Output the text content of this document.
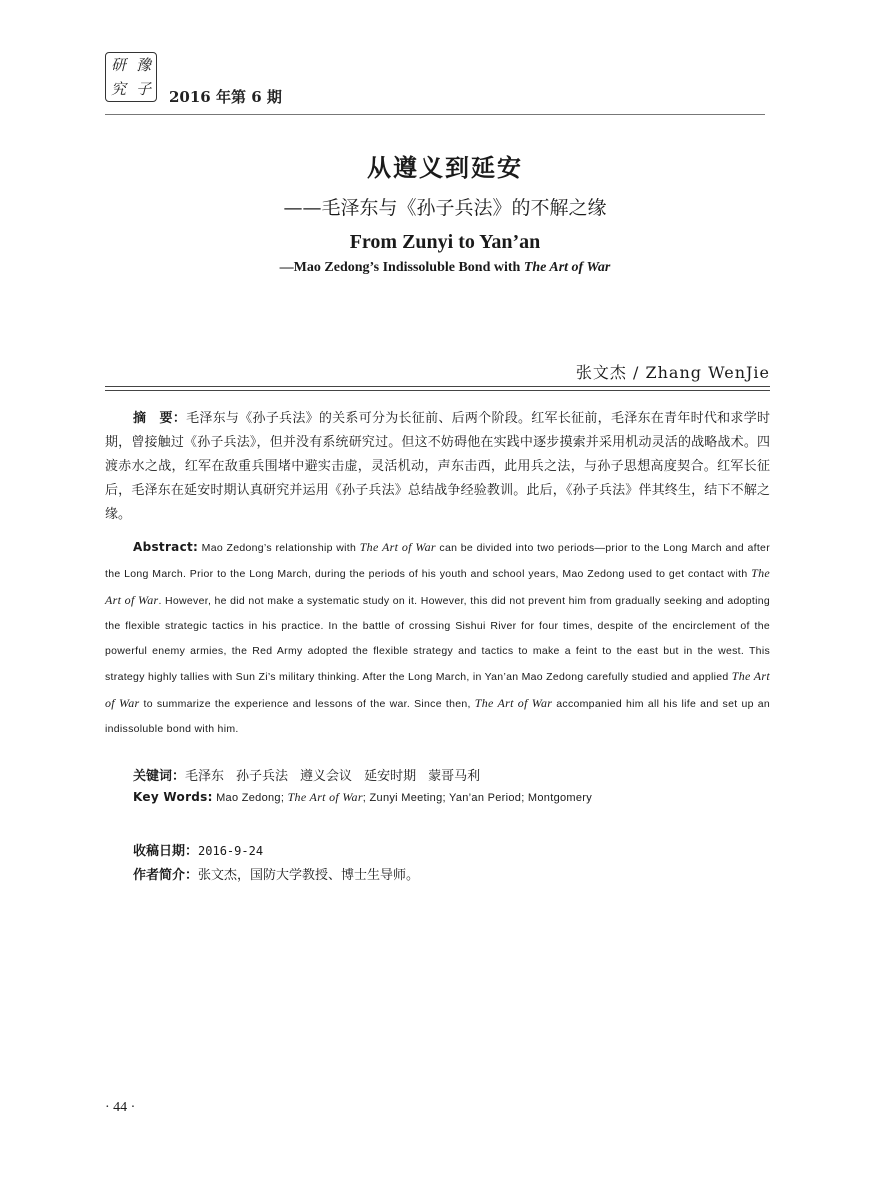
研 豫
究 子 2016 年第 6 期
从遵义到延安
——毛泽东与《孙子兵法》的不解之缘
From Zunyi to Yan’an
—Mao Zedong’s Indissoluble Bond with The Art of War
张文杰 / Zhang WenJie
摘　要：毛泽东与《孙子兵法》的关系可分为长征前、后两个阶段。红军长征前，毛泽东在青年时代和求学时期，曾接触过《孙子兵法》，但并没有系统研究过。但这不妨碍他在实践中逐步摸索并采用机动灵活的战略战术。四渡赤水之战，红军在敌重兵围堵中避实击虚，灵活机动，声东击西，此用兵之法，与孙子思想高度契合。红军长征后，毛泽东在延安时期认真研究并运用《孙子兵法》总结战争经验教训。此后，《孙子兵法》伴其终生，结下不解之缘。
Abstract: Mao Zedong’s relationship with The Art of War can be divided into two periods—prior to the Long March and after the Long March. Prior to the Long March, during the periods of his youth and school years, Mao Zedong used to get contact with The Art of War. However, he did not make a systematic study on it. However, this did not prevent him from gradually seeking and adopting the flexible strategic tactics in his practice. In the battle of crossing Sishui River for four times, despite of the encirclement of the powerful enemy armies, the Red Army adopted the flexible strategy and tactics to make a feint to the east but in the west. This strategy highly tallies with Sun Zi’s military thinking. After the Long March, in Yan’an Mao Zedong carefully studied and applied The Art of War to summarize the experience and lessons of the war. Since then, The Art of War accompanied him all his life and set up an indissoluble bond with him.
关键词：毛泽东 孙子兵法 遵义会议 延安时期 蒙哥马利
Key Words: Mao Zedong; The Art of War; Zunyi Meeting; Yan’an Period; Montgomery
收稿日期：2016-9-24
作者简介：张文杰，国防大学教授、博士生导师。
· 44 ·
